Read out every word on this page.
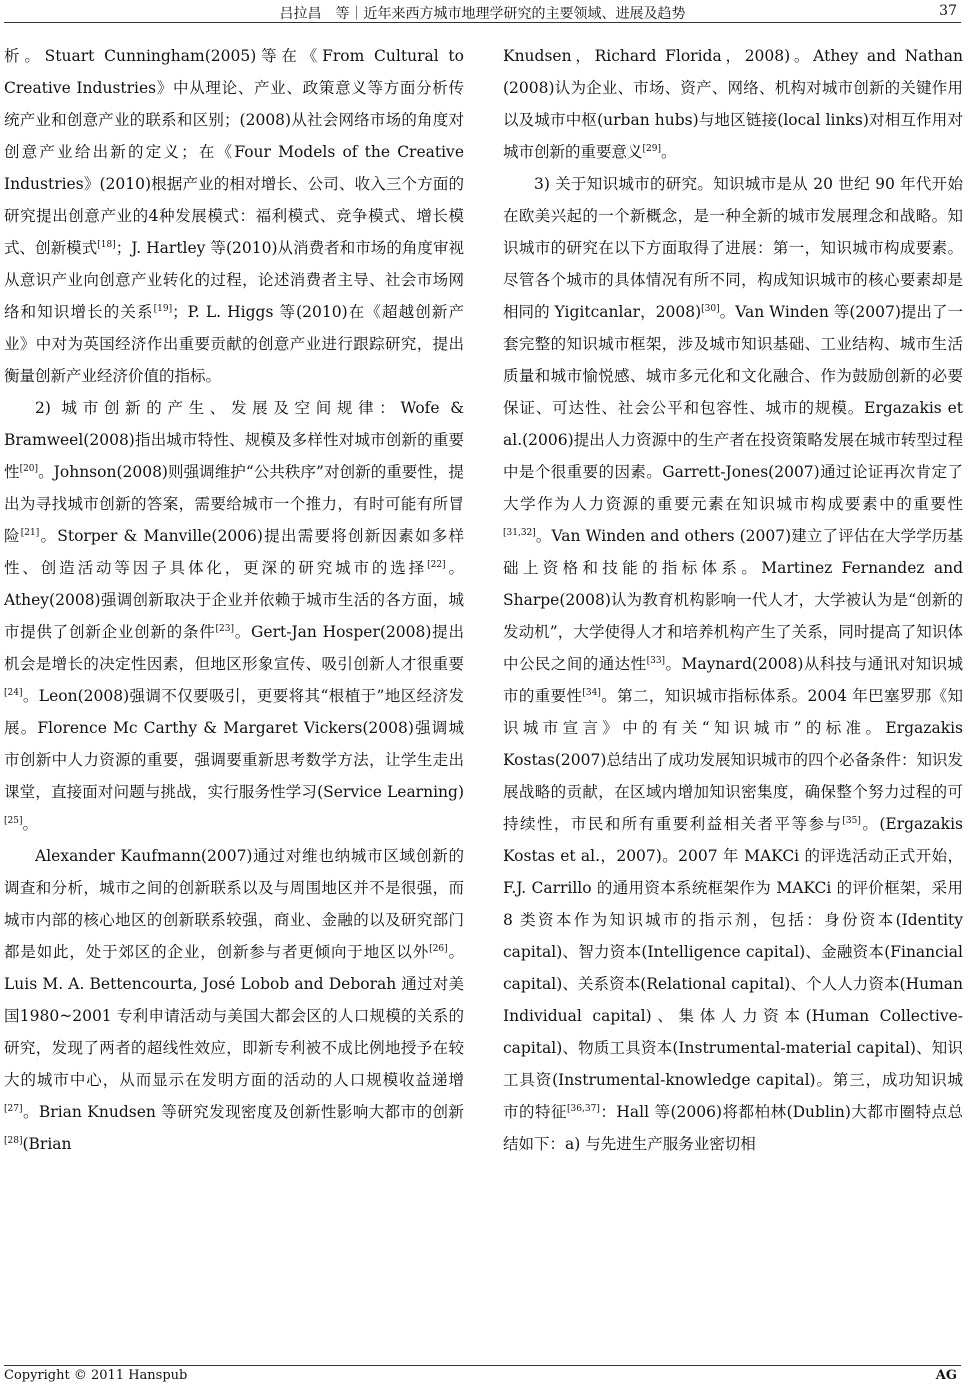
吕拉昌　等｜近年来西方城市地理学研究的主要领域、进展及趋势	37

析。Stuart Cunningham(2005)等在《From Cultural to Creative Industries》中从理论、产业、政策意义等方面分析传统产业和创意产业的联系和区别；(2008)从社会网络市场的角度对创意产业给出新的定义；在《Four Models of the Creative Industries》(2010)根据产业的相对增长、公司、收入三个方面的研究提出创意产业的4种发展模式：福利模式、竞争模式、增长模式、创新模式[18]；J. Hartley 等(2010)从消费者和市场的角度审视从意识产业向创意产业转化的过程，论述消费者主导、社会市场网络和知识增长的关系[19]；P. L. Higgs 等(2010)在《超越创新产业》中对为英国经济作出重要贡献的创意产业进行跟踪研究，提出衡量创新产业经济价值的指标。

2) 城市创新的产生、发展及空间规律：Wofe & Bramweel(2008)指出城市特性、规模及多样性对城市创新的重要性[20]。Johnson(2008)则强调维护“公共秩序”对创新的重要性，提出为寻找城市创新的答案，需要给城市一个推力，有时可能有所冒险[21]。Storper & Manville(2006)提出需要将创新因素如多样性、创造活动等因子具体化，更深的研究城市的选择[22]。Athey(2008)强调创新取决于企业并依赖于城市生活的各方面，城市提供了创新企业创新的条件[23]。Gert-Jan Hosper(2008)提出机会是增长的决定性因素，但地区形象宣传、吸引创新人才很重要[24]。Leon(2008)强调不仅要吸引，更要将其“根植于”地区经济发展。Florence Mc Carthy & Margaret Vickers(2008)强调城市创新中人力资源的重要，强调要重新思考数学方法，让学生走出课堂，直接面对问题与挑战，实行服务性学习(Service Learning)[25]。

Alexander Kaufmann(2007)通过对维也纳城市区域创新的调查和分析，城市之间的创新联系以及与周围地区并不是很强，而城市内部的核心地区的创新联系较强，商业、金融的以及研究部门都是如此，处于郊区的企业，创新参与者更倾向于地区以外[26]。Luis M. A. Bettencourta, José Lobob and Deborah 通过对美国1980~2001 专利申请活动与美国大都会区的人口规模的关系的研究，发现了两者的超线性效应，即新专利被不成比例地授予在较大的城市中心，从而显示在发明方面的活动的人口规模收益递增[27]。Brian Knudsen 等研究发现密度及创新性影响大都市的创新[28](Brian

Knudsen，Richard Florida，2008)。Athey and Nathan (2008)认为企业、市场、资产、网络、机构对城市创新的关键作用以及城市中枢(urban hubs)与地区链接(local links)对相互作用对城市创新的重要意义[29]。

3) 关于知识城市的研究。知识城市是从 20 世纪 90 年代开始在欧美兴起的一个新概念，是一种全新的城市发展理念和战略。知识城市的研究在以下方面取得了进展：第一，知识城市构成要素。尽管各个城市的具体情况有所不同，构成知识城市的核心要素却是相同的 Yigitcanlar，2008)[30]。Van Winden 等(2007)提出了一套完整的知识城市框架，涉及城市知识基础、工业结构、城市生活质量和城市愉悦感、城市多元化和文化融合、作为鼓励创新的必要保证、可达性、社会公平和包容性、城市的规模。Ergazakis et al.(2006)提出人力资源中的生产者在投资策略发展在城市转型过程中是个很重要的因素。Garrett-Jones(2007)通过论证再次肯定了大学作为人力资源的重要元素在知识城市构成要素中的重要性[31,32]。Van Winden and others (2007)建立了评估在大学学历基础上资格和技能的指标体系。Martinez Fernandez and Sharpe(2008)认为教育机构影响一代人才，大学被认为是“创新的发动机”，大学使得人才和培养机构产生了关系，同时提高了知识体中公民之间的通达性[33]。Maynard(2008)从科技与通讯对知识城市的重要性[34]。第二，知识城市指标体系。2004 年巴塞罗那《知识城市宣言》中的有关“知识城市”的标准。Ergazakis Kostas(2007)总结出了成功发展知识城市的四个必备条件：知识发展战略的贡献，在区域内增加知识密集度，确保整个努力过程的可持续性，市民和所有重要利益相关者平等参与[35]。(Ergazakis Kostas et al.，2007)。2007 年 MAKCi 的评选活动正式开始，F.J. Carrillo 的通用资本系统框架作为 MAKCi 的评价框架，采用 8 类资本作为知识城市的指示剂，包括：身份资本(Identity capital)、智力资本(Intelligence capital)、金融资本(Financial capital)、关系资本(Relational capital)、个人人力资本(Human Individual capital)、集体人力资本(Human Collective- capital)、物质工具资本(Instrumental-material capital)、知识工具资(Instrumental-knowledge capital)。第三，成功知识城市的特征[36,37]：Hall 等(2006)将都柏林(Dublin)大都市圈特点总结如下：a) 与先进生产服务业密切相

Copyright © 2011 Hanspub	AG
